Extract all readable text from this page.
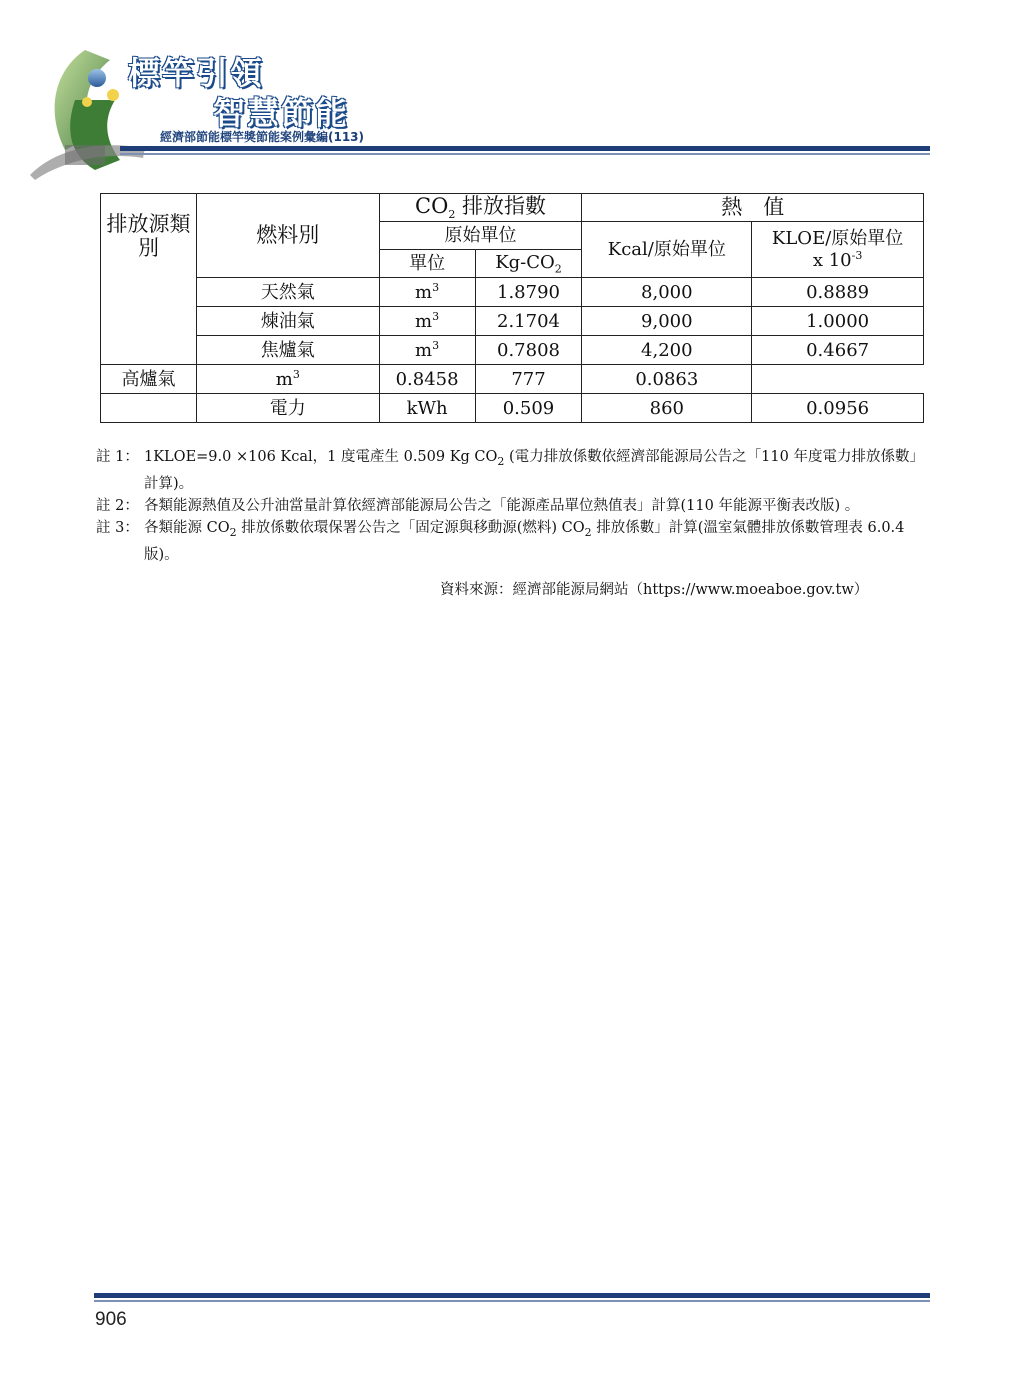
標竿引領
智慧節能
經濟部節能標竿獎節能案例彙編(113)
排放源類別	燃料別	$CO_2$ 排放指數		熱　值	
		原始單位		Kcal/原始單位	KLOE/原始單位
x $10^{-3}$

		單位	$Kg-CO_2$
	天然氣	$m^3$	1.8790	8,000	0.8889
	煉油氣	$m^3$	2.1704	9,000	1.0000
	焦爐氣	$m^3$	0.7808	4,200	0.4667
高爐氣	$m^3$	0.8458	777	0.0863	
	電力	kWh	0.509	860	0.0956
註 1： 1KLOE=9.0 ×106 Kcal，1 度電產生 0.509 Kg $CO_2$ (電力排放係數依經濟部能源局公告之「110 年度電力排放係數」計算)。
註 2： 各類能源熱值及公升油當量計算依經濟部能源局公告之「能源產品單位熱值表」計算(110 年能源平衡表改版) 。
註 3： 各類能源 $CO_2$ 排放係數依環保署公告之「固定源與移動源(燃料) $CO_2$ 排放係數」計算(溫室氣體排放係數管理表 6.0.4 版)。
資料來源：經濟部能源局網站（https://www.moeaboe.gov.tw）
906
